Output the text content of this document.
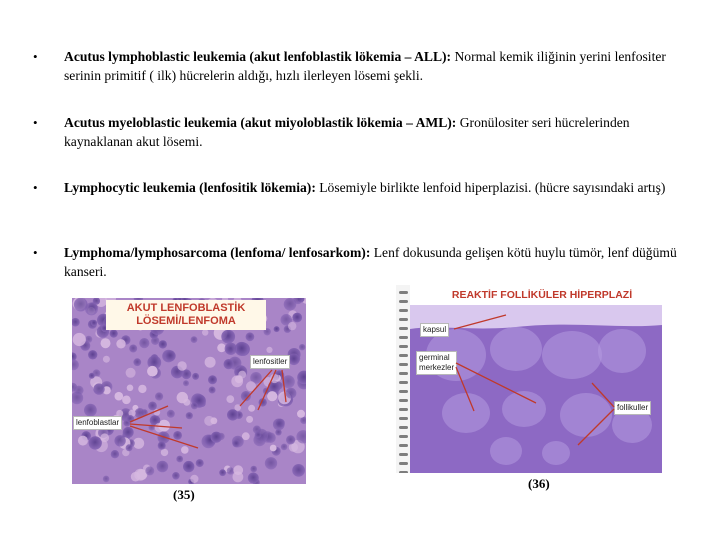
• Acutus lymphoblastic leukemia (akut lenfoblastik lökemia – ALL): Normal kemik iliğinin yerini lenfositer serinin primitif ( ilk) hücrelerin aldığı, hızlı ilerleyen lösemi şekli.
• Acutus myeloblastic leukemia (akut miyoloblastik lökemia – AML): Gronülositer seri hücrelerinden kaynaklanan akut lösemi.
• Lymphocytic leukemia (lenfositik lökemia): Lösemiyle birlikte lenfoid hiperplazisi. (hücre sayısındaki artış)
• Lymphoma/lymphosarcoma (lenfoma/ lenfosarkom): Lenf dokusunda gelişen kötü huylu tümör, lenf düğümü kanseri.
AKUT LENFOBLASTİK
LÖSEMİ/LENFOMA
lenfositler
lenfoblastlar
(35)
REAKTİF FOLLİKÜLER HİPERPLAZİ
kapsul
germinal
merkezler
follikuller
(36)
